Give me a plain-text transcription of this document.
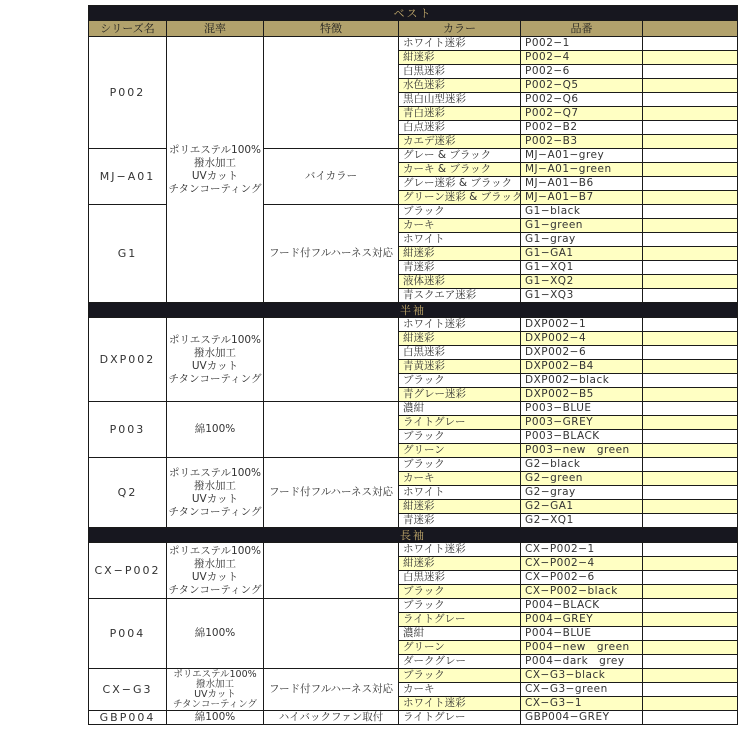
ベスト					
シリーズ名	混率	特徴	カラー	品番	
P002	ポリエステル100%
撥水加工
UVカット
チタンコーティング		ホワイト迷彩	P002−1	
			紺迷彩	P002−4	
			白黒迷彩	P002−6	
			水色迷彩	P002−Q5	
			黒白山型迷彩	P002−Q6	
			青白迷彩	P002−Q7	
			白点迷彩	P002−B2	
			カエデ迷彩	P002−B3	
MJ−A01		バイカラー	グレー & ブラック	MJ−A01−grey	
			カーキ & ブラック	MJ−A01−green	
			グレー迷彩 & ブラック	MJ−A01−B6	
			グリーン迷彩 & ブラック	MJ−A01−B7	
G1		フード付フルハーネス対応	ブラック	G1−black	
			カーキ	G1−green	
			ホワイト	G1−gray	
			紺迷彩	G1−GA1	
			青迷彩	G1−XQ1	
			液体迷彩	G1−XQ2	
			青スクエア迷彩	G1−XQ3	
半袖					
DXP002	ポリエステル100%
撥水加工
UVカット
チタンコーティング		ホワイト迷彩	DXP002−1	
			紺迷彩	DXP002−4	
			白黒迷彩	DXP002−6	
			青黄迷彩	DXP002−B4	
			ブラック	DXP002−black	
			青グレー迷彩	DXP002−B5	
P003	綿100%		濃紺	P003−BLUE	
			ライトグレー	P003−GREY	
			ブラック	P003−BLACK	
			グリーン	P003−new　green	
Q2	ポリエステル100%
撥水加工
UVカット
チタンコーティング	フード付フルハーネス対応	ブラック	G2−black	
			カーキ	G2−green	
			ホワイト	G2−gray	
			紺迷彩	G2−GA1	
			青迷彩	G2−XQ1	
長袖					
CX−P002	ポリエステル100%
撥水加工
UVカット
チタンコーティング		ホワイト迷彩	CX−P002−1	
			紺迷彩	CX−P002−4	
			白黒迷彩	CX−P002−6	
			ブラック	CX−P002−black	
P004	綿100%		ブラック	P004−BLACK	
			ライトグレー	P004−GREY	
			濃紺	P004−BLUE	
			グリーン	P004−new　green	
			ダークグレー	P004−dark　grey	
CX−G3	ポリエステル100%
撥水加工
UVカット
チタンコーティング	フード付フルハーネス対応	ブラック	CX−G3−black	
			カーキ	CX−G3−green	
			ホワイト迷彩	CX−G3−1	
GBP004	綿100%	ハイバックファン取付	ライトグレー	GBP004−GREY	
